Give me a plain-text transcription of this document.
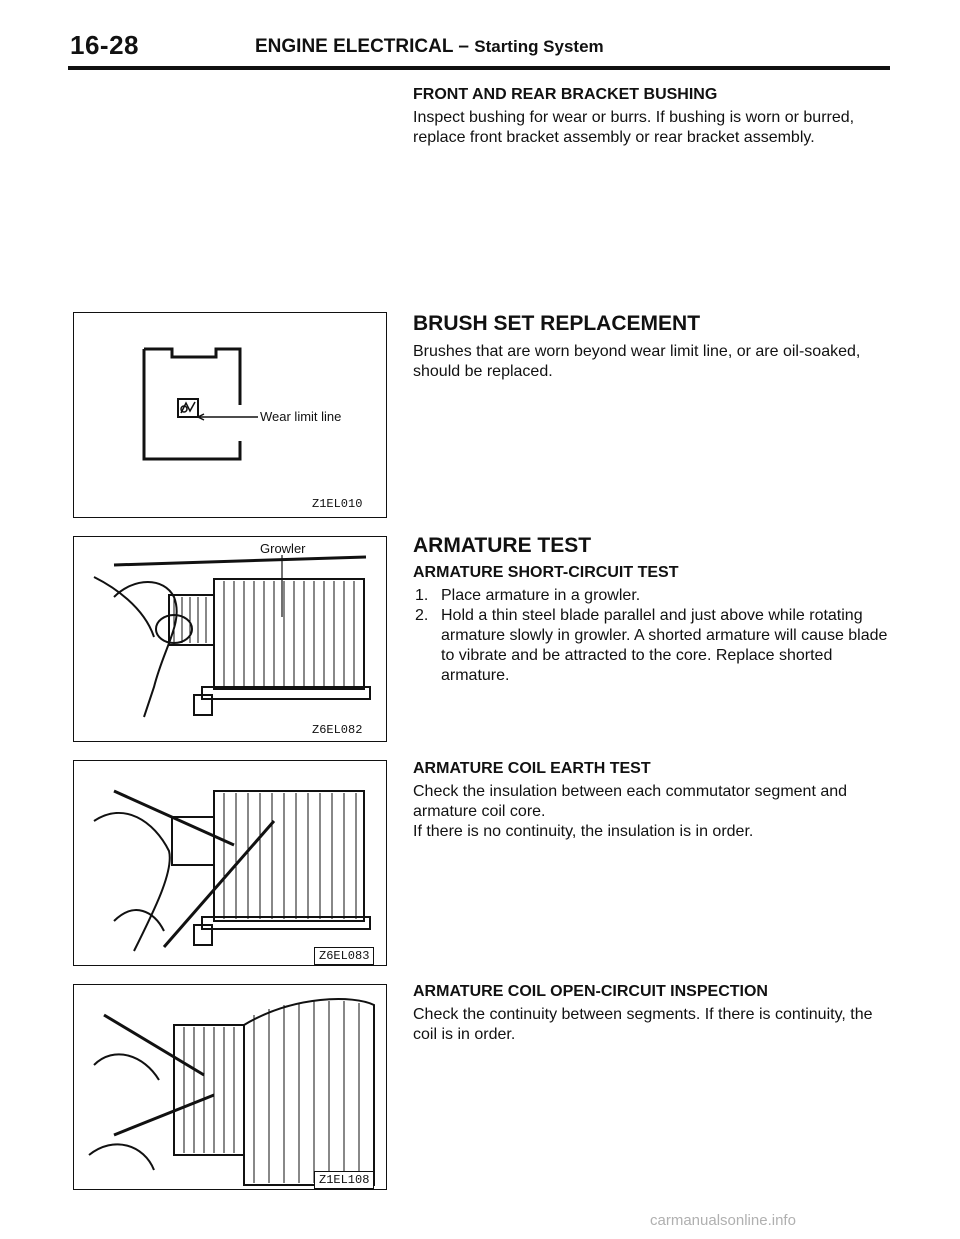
16-28	ENGINE ELECTRICAL – Starting System
FRONT AND REAR BRACKET BUSHING

Inspect bushing for wear or burrs. If bushing is worn or burred, replace front bracket assembly or rear bracket assembly.

BRUSH SET REPLACEMENT

Brushes that are worn beyond wear limit line, or are oil-soaked, should be replaced.

ARMATURE TEST
ARMATURE SHORT-CIRCUIT TEST
1. Place armature in a growler.
2. Hold a thin steel blade parallel and just above while rotating armature slowly in growler. A shorted armature will cause blade to vibrate and be attracted to the core. Replace shorted armature.
ARMATURE COIL EARTH TEST

Check the insulation between each commutator segment and armature coil core.

If there is no continuity, the insulation is in order.

ARMATURE COIL OPEN-CIRCUIT INSPECTION

Check the continuity between segments. If there is continuity, the coil is in order.

Wear limit line
Z1EL010
Growler
Z6EL082
Z6EL083
Z1EL108
carmanualsonline.info
